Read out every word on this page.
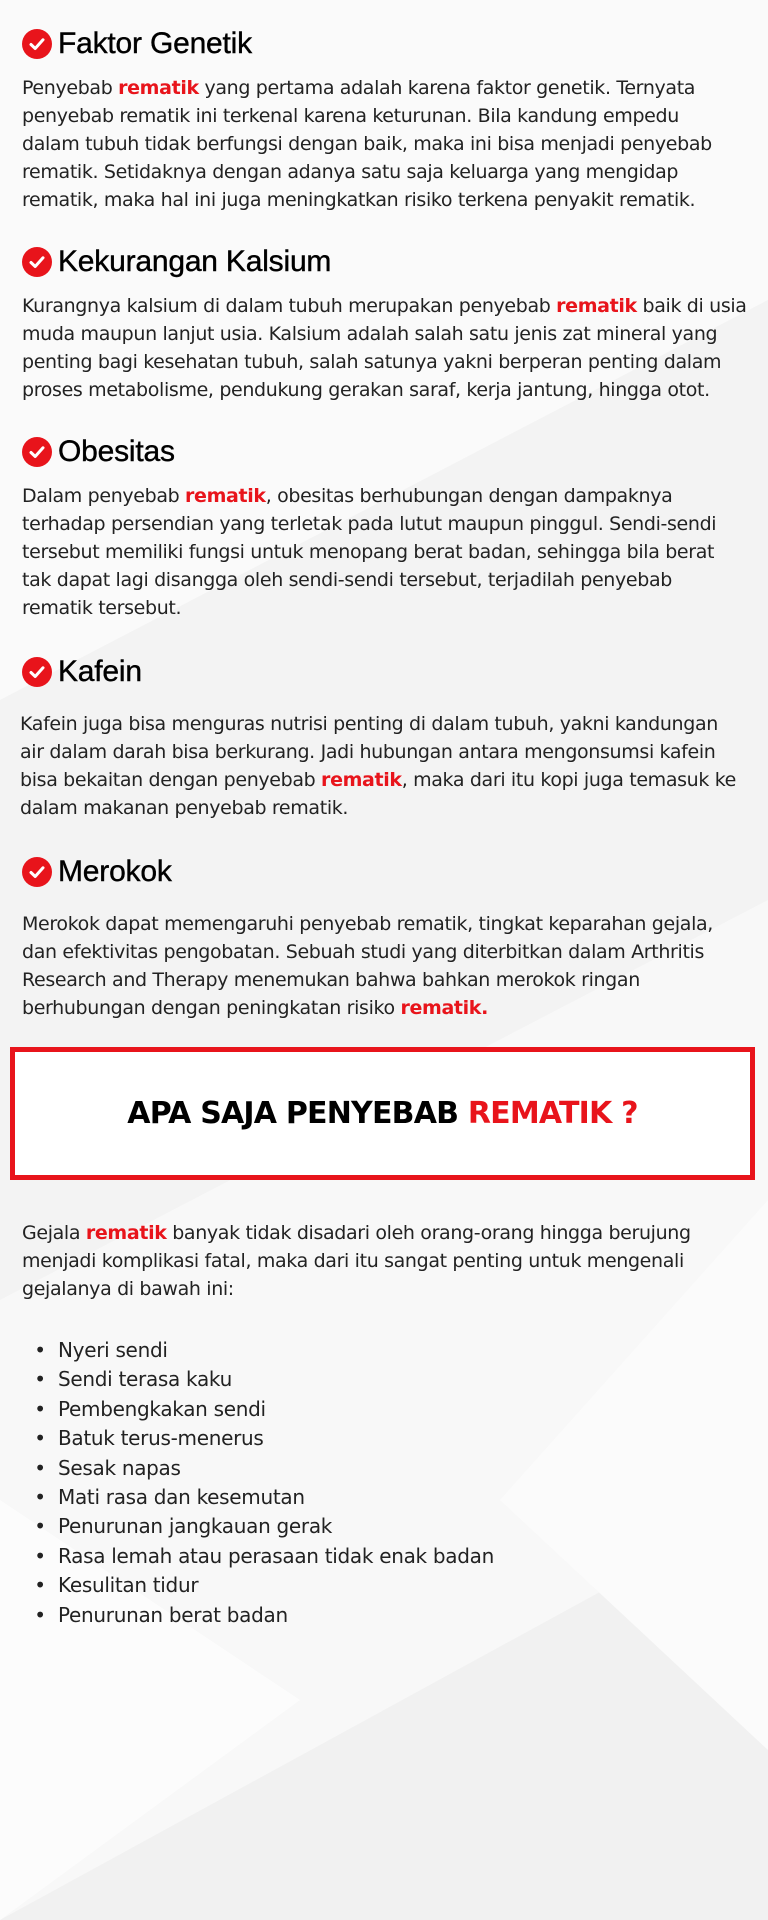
Faktor Genetik

Penyebab rematik yang pertama adalah karena faktor genetik. Ternyata
penyebab rematik ini terkenal karena keturunan. Bila kandung empedu
dalam tubuh tidak berfungsi dengan baik, maka ini bisa menjadi penyebab
rematik. Setidaknya dengan adanya satu saja keluarga yang mengidap
rematik, maka hal ini juga meningkatkan risiko terkena penyakit rematik.

Kekurangan Kalsium

Kurangnya kalsium di dalam tubuh merupakan penyebab rematik baik di usia
muda maupun lanjut usia. Kalsium adalah salah satu jenis zat mineral yang
penting bagi kesehatan tubuh, salah satunya yakni berperan penting dalam
proses metabolisme, pendukung gerakan saraf, kerja jantung, hingga otot.

Obesitas

Dalam penyebab rematik, obesitas berhubungan dengan dampaknya
terhadap persendian yang terletak pada lutut maupun pinggul. Sendi-sendi
tersebut memiliki fungsi untuk menopang berat badan, sehingga bila berat
tak dapat lagi disangga oleh sendi-sendi tersebut, terjadilah penyebab
rematik tersebut.

Kafein

Kafein juga bisa menguras nutrisi penting di dalam tubuh, yakni kandungan
air dalam darah bisa berkurang. Jadi hubungan antara mengonsumsi kafein
bisa bekaitan dengan penyebab rematik, maka dari itu kopi juga temasuk ke
dalam makanan penyebab rematik.

Merokok

Merokok dapat memengaruhi penyebab rematik, tingkat keparahan gejala,
dan efektivitas pengobatan. Sebuah studi yang diterbitkan dalam Arthritis
Research and Therapy menemukan bahwa bahkan merokok ringan
berhubungan dengan peningkatan risiko rematik.

APA SAJA PENYEBAB REMATIK ?

Gejala rematik banyak tidak disadari oleh orang-orang hingga berujung
menjadi komplikasi fatal, maka dari itu sangat penting untuk mengenali
gejalanya di bawah ini:

• Nyeri sendi
• Sendi terasa kaku
• Pembengkakan sendi
• Batuk terus-menerus
• Sesak napas
• Mati rasa dan kesemutan
• Penurunan jangkauan gerak
• Rasa lemah atau perasaan tidak enak badan
• Kesulitan tidur
• Penurunan berat badan
